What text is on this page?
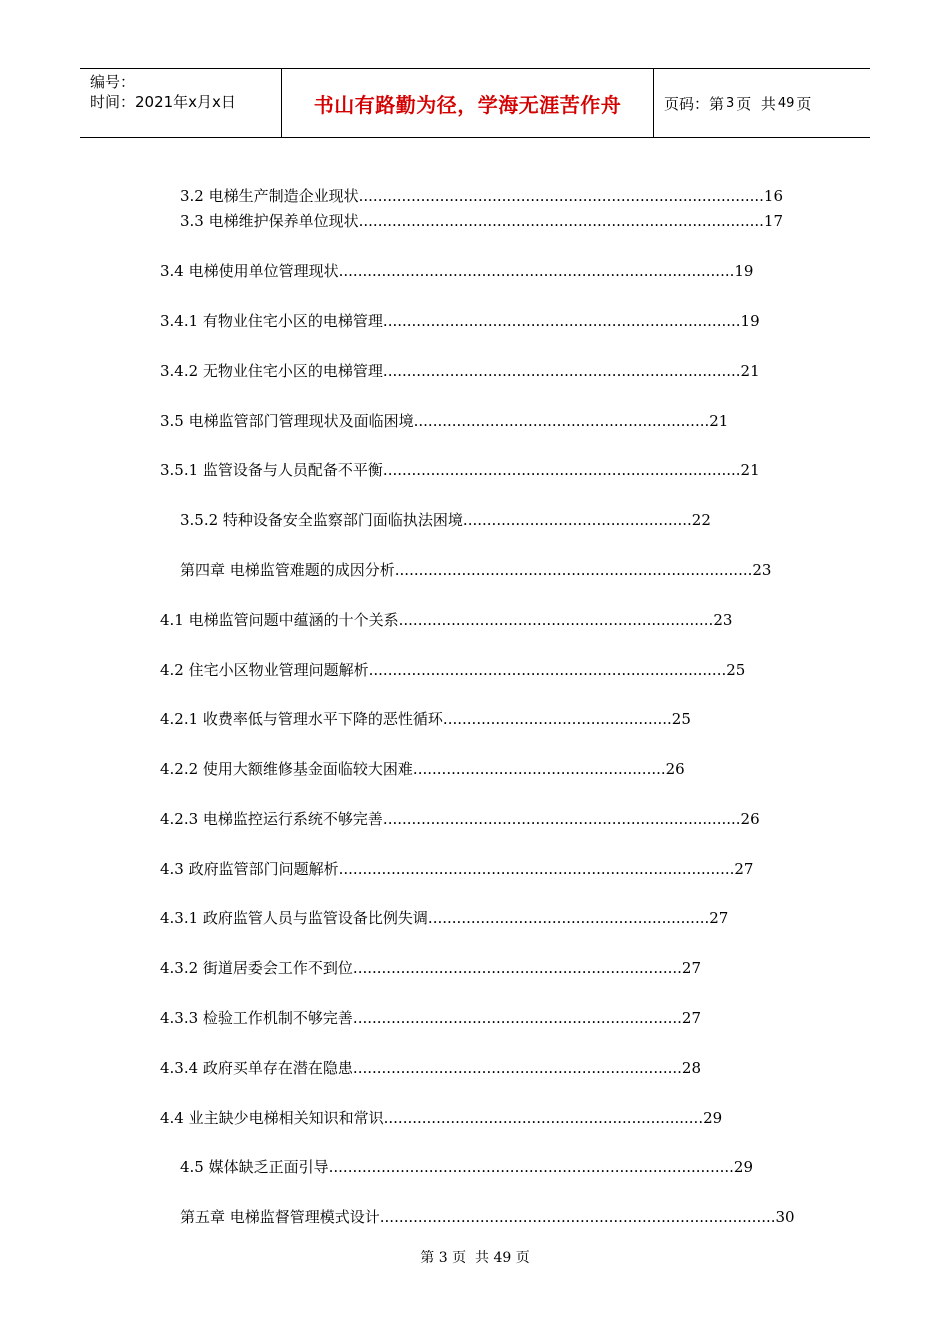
编号：
时间：2021年x月x日	书山有路勤为径，学海无涯苦作舟	页码：第 3 页  共 49 页
3.2 电梯生产制造企业现状.....................................................................................16
3.3 电梯维护保养单位现状.....................................................................................17
3.4 电梯使用单位管理现状...................................................................................19
3.4.1 有物业住宅小区的电梯管理...........................................................................19
3.4.2 无物业住宅小区的电梯管理...........................................................................21
3.5 电梯监管部门管理现状及面临困境..............................................................21
3.5.1 监管设备与人员配备不平衡...........................................................................21
3.5.2 特种设备安全监察部门面临执法困境................................................22
第四章 电梯监管难题的成因分析...........................................................................23
4.1 电梯监管问题中蕴涵的十个关系..................................................................23
4.2 住宅小区物业管理问题解析...........................................................................25
4.2.1 收费率低与管理水平下降的恶性循环................................................25
4.2.2 使用大额维修基金面临较大困难.....................................................26
4.2.3 电梯监控运行系统不够完善...........................................................................26
4.3 政府监管部门问题解析...................................................................................27
4.3.1 政府监管人员与监管设备比例失调...........................................................27
4.3.2 街道居委会工作不到位.....................................................................27
4.3.3 检验工作机制不够完善.....................................................................27
4.3.4 政府买单存在潜在隐患.....................................................................28
4.4 业主缺少电梯相关知识和常识...................................................................29
4.5 媒体缺乏正面引导.....................................................................................29
第五章 电梯监督管理模式设计...................................................................................30
第 3 页  共 49 页
